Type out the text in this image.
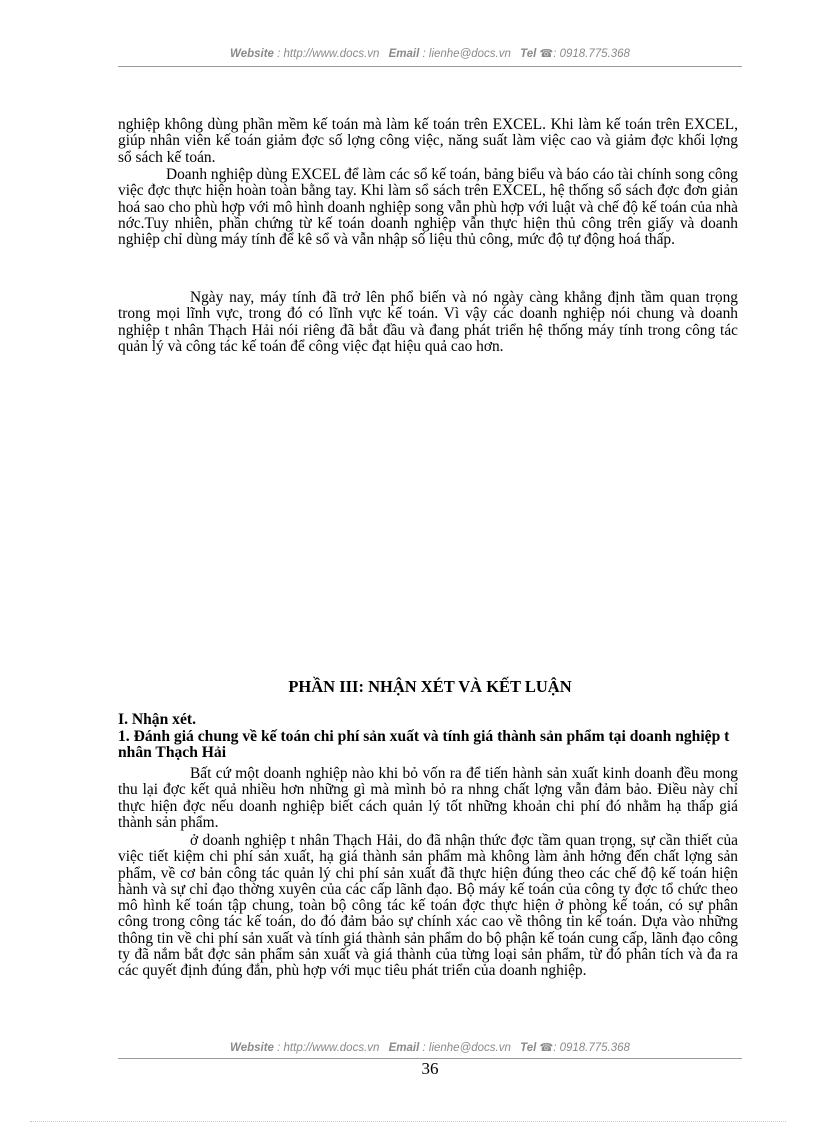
Website : http://www.docs.vn Email : lienhe@docs.vn Tel ☎: 0918.775.368

nghiệp không dùng phần mềm kế toán mà làm kế toán trên EXCEL. Khi làm kế toán trên EXCEL, giúp nhân viên kế toán giảm đợc số lợng công việc, năng suất làm việc cao và giảm đợc khối lợng sổ sách kế toán.

Doanh nghiệp dùng EXCEL để làm các sổ kế toán, bảng biểu và báo cáo tài chính song công việc đợc thực hiện hoàn toàn bằng tay. Khi làm sổ sách trên EXCEL, hệ thống sổ sách đợc đơn giản hoá sao cho phù hợp với mô hình doanh nghiệp song vẫn phù hợp với luật và chế độ kế toán của nhà nớc.Tuy nhiên, phần chứng từ kế toán doanh nghiệp vẫn thực hiện thủ công trên giấy và doanh nghiệp chỉ dùng máy tính để kê sổ và vẫn nhập số liệu thủ công, mức độ tự động hoá thấp.

Ngày nay, máy tính đã trở lên phổ biến và nó ngày càng khẳng định tầm quan trọng trong mọi lĩnh vực, trong đó có lĩnh vực kế toán. Vì vậy các doanh nghiệp nói chung và doanh nghiệp t nhân Thạch Hải nói riêng đã bắt đầu và đang phát triển hệ thống máy tính trong công tác quản lý và công tác kế toán để công việc đạt hiệu quả cao hơn.

PHẦN III: NHẬN XÉT VÀ KẾT LUẬN
I. Nhận xét.
1. Đánh giá chung về kế toán chi phí sản xuất và tính giá thành sản phẩm tại doanh nghiệp t nhân Thạch Hải

Bất cứ một doanh nghiệp nào khi bỏ vốn ra để tiến hành sản xuất kinh doanh đều mong thu lại đợc kết quả nhiều hơn những gì mà mình bỏ ra nhng chất lợng vẫn đảm bảo. Điều này chỉ thực hiện đợc nếu doanh nghiệp biết cách quản lý tốt những khoản chi phí đó nhằm hạ thấp giá thành sản phẩm.

ở doanh nghiệp t nhân Thạch Hải, do đã nhận thức đợc tầm quan trọng, sự cần thiết của việc tiết kiệm chi phí sản xuất, hạ giá thành sản phẩm mà không làm ảnh hởng đến chất lợng sản phẩm, về cơ bản công tác quản lý chi phí sản xuất đã thực hiện đúng theo các chế độ kế toán hiện hành và sự chỉ đạo thờng xuyên của các cấp lãnh đạo. Bộ máy kế toán của công ty đợc tổ chức theo mô hình kế toán tập chung, toàn bộ công tác kế toán đợc thực hiện ở phòng kế toán, có sự phân công trong công tác kế toán, do đó đảm bảo sự chính xác cao về thông tin kế toán. Dựa vào những thông tin về chi phí sản xuất và tính giá thành sản phẩm do bộ phận kế toán cung cấp, lãnh đạo công ty đã nắm bắt đợc sản phẩm sản xuất và giá thành của từng loại sản phẩm, từ đó phân tích và đa ra các quyết định đúng đắn, phù hợp với mục tiêu phát triển của doanh nghiệp.

Website : http://www.docs.vn Email : lienhe@docs.vn Tel ☎: 0918.775.368
36
